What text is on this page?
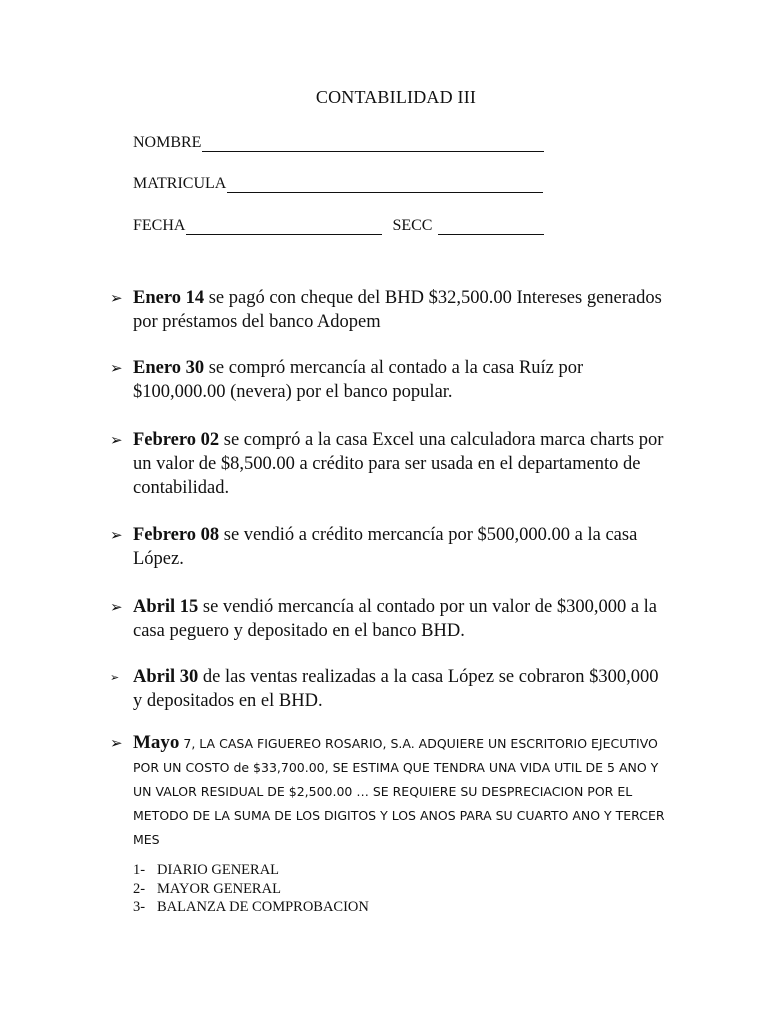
CONTABILIDAD III
NOMBRE
MATRICULA
FECHA	SECC
➢ Enero 14 se pagó con cheque del BHD $32,500.00 Intereses generados por préstamos del banco Adopem
➢ Enero 30 se compró mercancía al contado a la casa Ruíz por $100,000.00 (nevera) por el banco popular.
➢ Febrero 02 se compró a la casa Excel una calculadora marca charts por un valor de $8,500.00 a crédito para ser usada en el departamento de contabilidad.
➢ Febrero 08 se vendió a crédito mercancía por $500,000.00 a la casa López.
➢ Abril 15 se vendió mercancía al contado por un valor de $300,000 a la casa peguero y depositado en el banco BHD.
➢ Abril 30 de las ventas realizadas a la casa López se cobraron $300,000 y depositados en el BHD.
➢ Mayo 7, LA CASA FIGUEREO ROSARIO, S.A. ADQUIERE UN ESCRITORIO EJECUTIVO POR UN COSTO de $33,700.00, SE ESTIMA QUE TENDRA UNA VIDA UTIL DE 5 ANO Y UN VALOR RESIDUAL DE $2,500.00 … SE REQUIERE SU DESPRECIACION POR EL METODO DE LA SUMA DE LOS DIGITOS Y LOS ANOS PARA SU CUARTO ANO Y TERCER MES
1- DIARIO GENERAL
2- MAYOR GENERAL
3- BALANZA DE COMPROBACION
